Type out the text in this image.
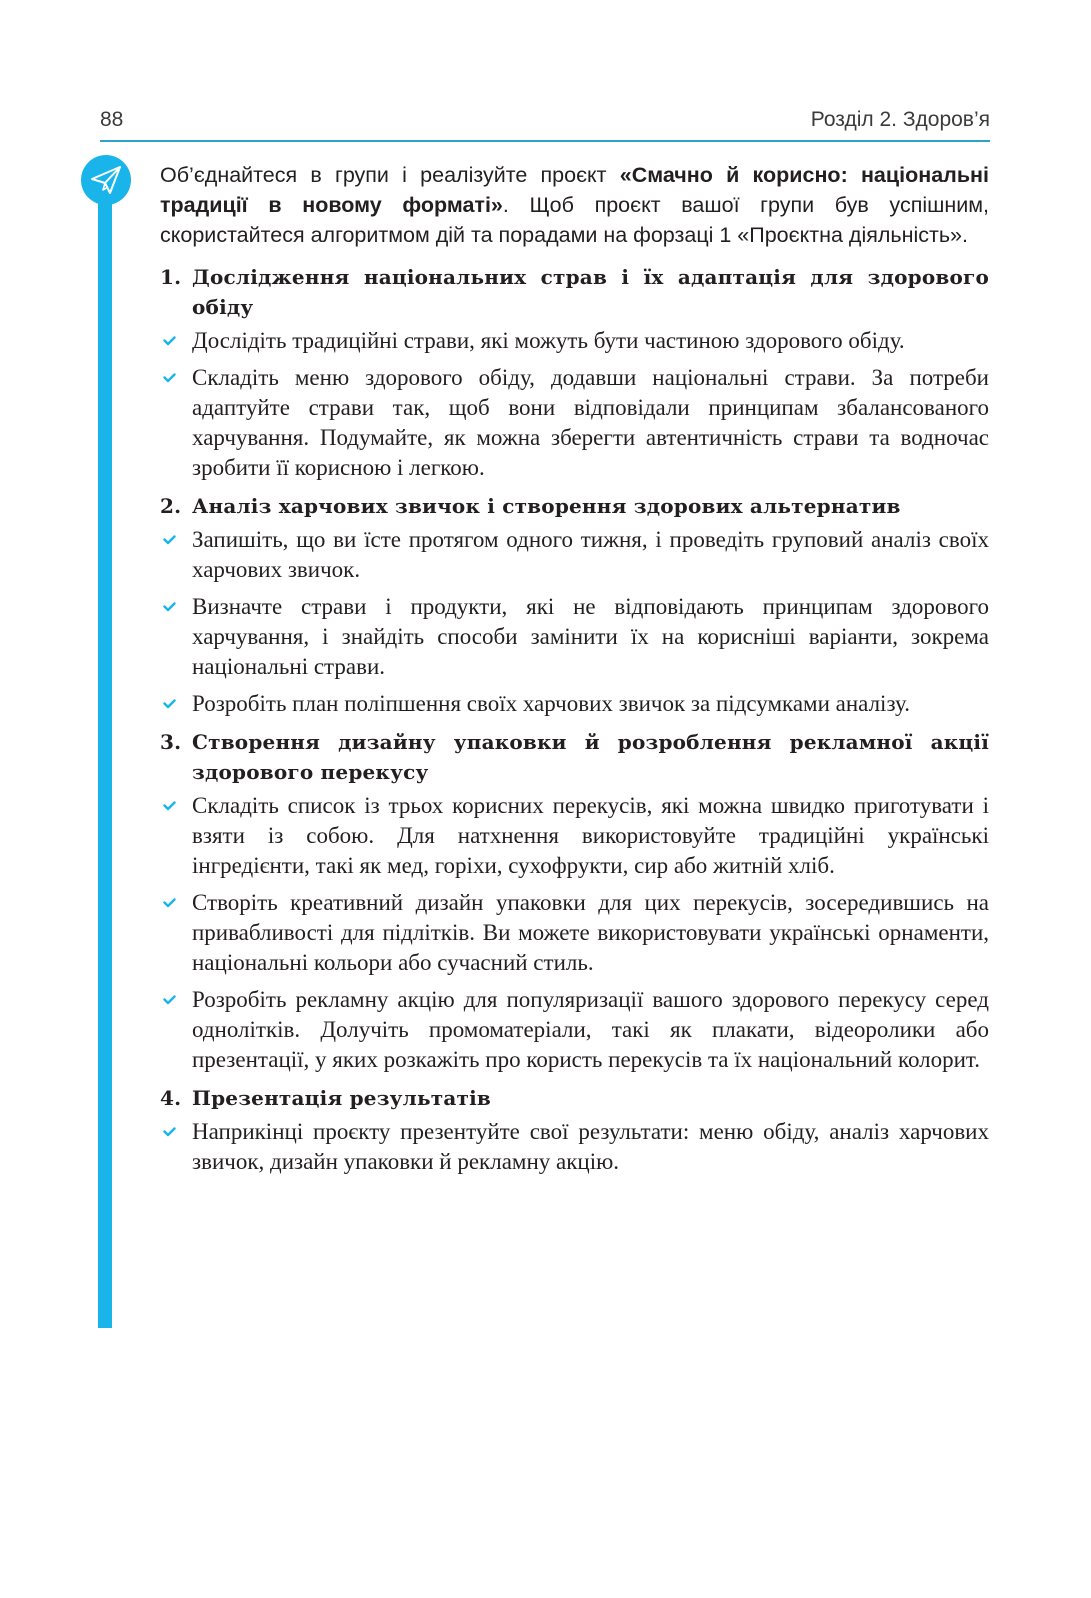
88	Розділ 2. Здоров’я

Об’єднайтеся в групи і реалізуйте проєкт «Смачно й корисно: національні традиції в новому форматі». Щоб проєкт вашої групи був успішним, скористайтеся алгоритмом дій та порадами на форзаці 1 «Проєктна діяльність».

1. Дослідження національних страв і їх адаптація для здорового обіду
Дослідіть традиційні страви, які можуть бути частиною здорового обіду.
Складіть меню здорового обіду, додавши національні страви. За потреби адаптуйте страви так, щоб вони відповідали принципам збалансованого харчування. Подумайте, як можна зберегти автентичність страви та водночас зробити її корисною і легкою.
2. Аналіз харчових звичок і створення здорових альтернатив
Запишіть, що ви їсте протягом одного тижня, і проведіть груповий аналіз своїх харчових звичок.
Визначте страви і продукти, які не відповідають принципам здорового харчування, і знайдіть способи замінити їх на корисніші варіанти, зокрема національні страви.
Розробіть план поліпшення своїх харчових звичок за підсумками аналізу.
3. Створення дизайну упаковки й розроблення рекламної акції здорового перекусу
Складіть список із трьох корисних перекусів, які можна швидко приготувати і взяти із собою. Для натхнення використовуйте традиційні українські інгредієнти, такі як мед, горіхи, сухофрукти, сир або житній хліб.
Створіть креативний дизайн упаковки для цих перекусів, зосередившись на привабливості для підлітків. Ви можете використовувати українські орнаменти, національні кольори або сучасний стиль.
Розробіть рекламну акцію для популяризації вашого здорового перекусу серед однолітків. Долучіть промоматеріали, такі як плакати, відеоролики або презентації, у яких розкажіть про користь перекусів та їх національний колорит.
4. Презентація результатів
Наприкінці проєкту презентуйте свої результати: меню обіду, аналіз харчових звичок, дизайн упаковки й рекламну акцію.
